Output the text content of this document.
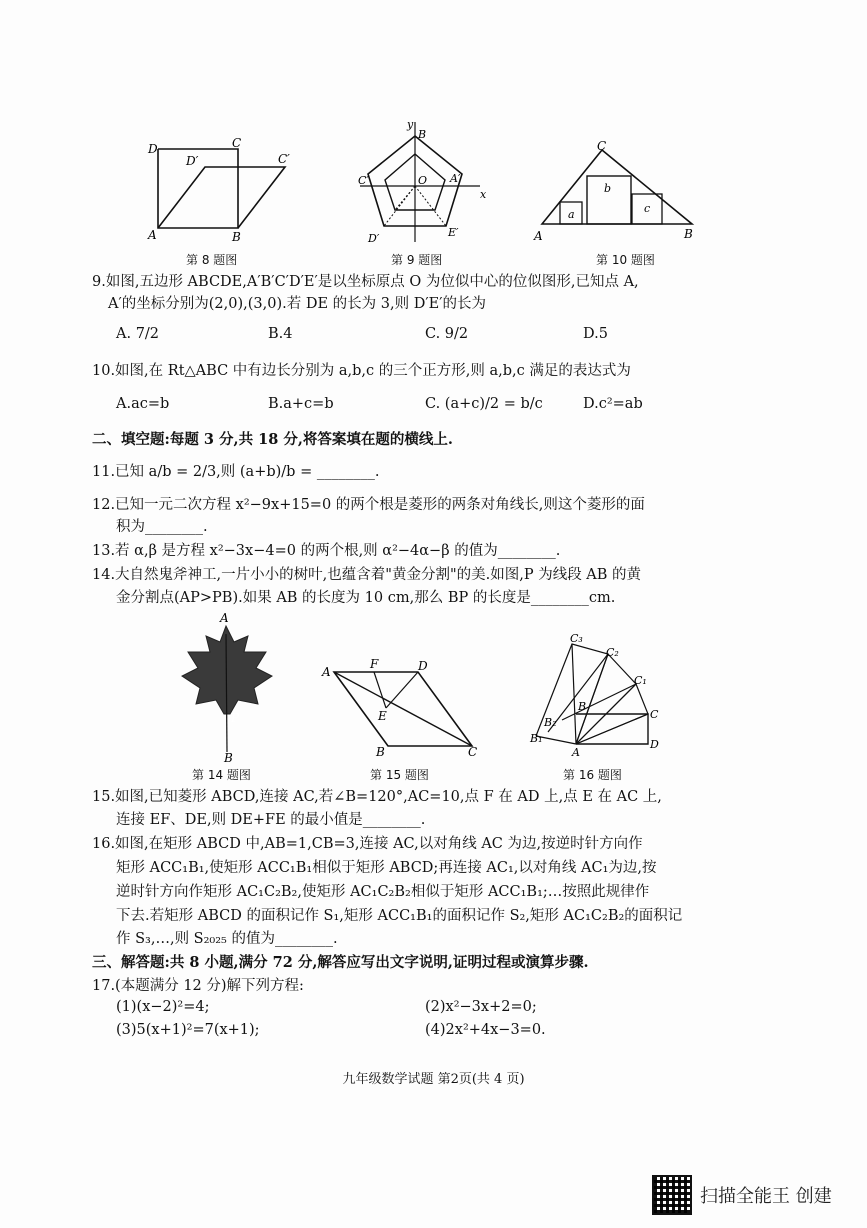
D	C
D′	C′
A	B
第 8 题图
y
B
x
O
C′	A′
D′	E′
第 9 题图
C
b
a	c
A	B
第 10 题图
9.如图,五边形 ABCDE,A′B′C′D′E′是以坐标原点 O 为位似中心的位似图形,已知点 A,
A′的坐标分别为(2,0),(3,0).若 DE 的长为 3,则 D′E′的长为
A. 7/2	B.4	C. 9/2	D.5
10.如图,在 Rt△ABC 中有边长分别为 a,b,c 的三个正方形,则 a,b,c 满足的表达式为
A.ac=b	B.a+c=b	C. (a+c)/2 = b/c	D.c²=ab
二、填空题:每题 3 分,共 18 分,将答案填在题的横线上.
11.已知 a/b = 2/3,则 (a+b)/b = ________.
12.已知一元二次方程 x²−9x+15=0 的两个根是菱形的两条对角线长,则这个菱形的面
积为________.
13.若 α,β 是方程 x²−3x−4=0 的两个根,则 α²−4α−β 的值为________.
14.大自然鬼斧神工,一片小小的树叶,也蕴含着"黄金分割"的美.如图,P 为线段 AB 的黄
金分割点(AP>PB).如果 AB 的长度为 10 cm,那么 BP 的长度是________cm.
A
P
B
第 14 题图
A
F	D
E
B	C
第 15 题图
C₃
C₂
C₁
C
D
B
B₂
B₁
A
第 16 题图
15.如图,已知菱形 ABCD,连接 AC,若∠B=120°,AC=10,点 F 在 AD 上,点 E 在 AC 上,
连接 EF、DE,则 DE+FE 的最小值是________.
16.如图,在矩形 ABCD 中,AB=1,CB=3,连接 AC,以对角线 AC 为边,按逆时针方向作
矩形 ACC₁B₁,使矩形 ACC₁B₁相似于矩形 ABCD;再连接 AC₁,以对角线 AC₁为边,按
逆时针方向作矩形 AC₁C₂B₂,使矩形 AC₁C₂B₂相似于矩形 ACC₁B₁;…按照此规律作
下去.若矩形 ABCD 的面积记作 S₁,矩形 ACC₁B₁的面积记作 S₂,矩形 AC₁C₂B₂的面积记
作 S₃,…,则 S₂₀₂₅ 的值为________.
三、解答题:共 8 小题,满分 72 分,解答应写出文字说明,证明过程或演算步骤.
17.(本题满分 12 分)解下列方程:
(1)(x−2)²=4;	(2)x²−3x+2=0;
(3)5(x+1)²=7(x+1);	(4)2x²+4x−3=0.
九年级数学试题 第2页(共 4 页)
扫描全能王 创建
